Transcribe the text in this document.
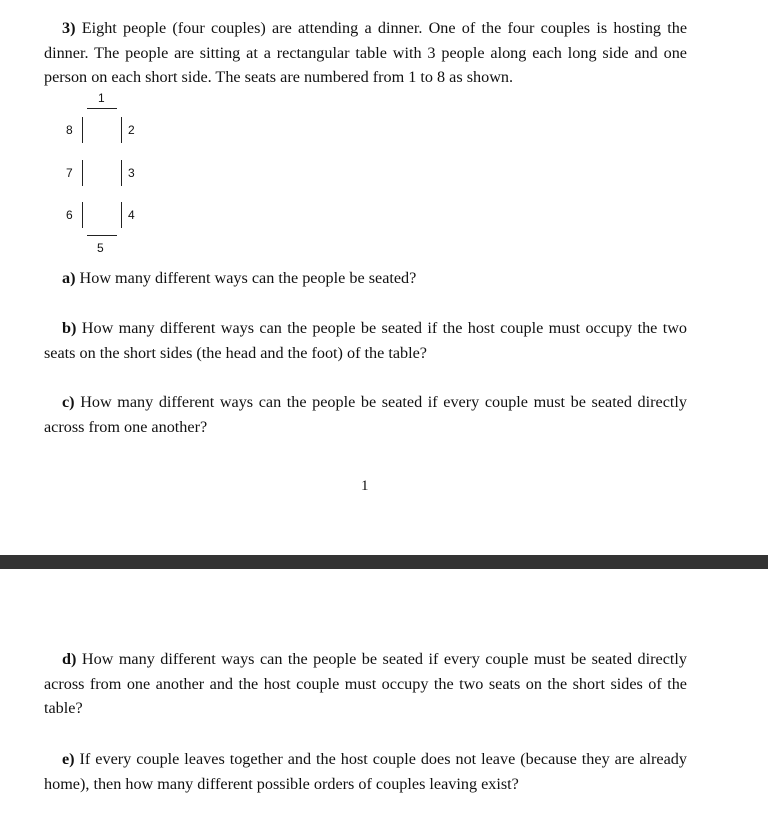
3) Eight people (four couples) are attending a dinner. One of the four couples is hosting the dinner. The people are sitting at a rectangular table with 3 people along each long side and one person on each short side. The seats are numbered from 1 to 8 as shown.
1
2
3
4
5
6
7
8
a) How many different ways can the people be seated?
b) How many different ways can the people be seated if the host couple must occupy the two seats on the short sides (the head and the foot) of the table?
c) How many different ways can the people be seated if every couple must be seated directly across from one another?
1
d) How many different ways can the people be seated if every couple must be seated directly across from one another and the host couple must occupy the two seats on the short sides of the table?
e) If every couple leaves together and the host couple does not leave (because they are already home), then how many different possible orders of couples leaving exist?
